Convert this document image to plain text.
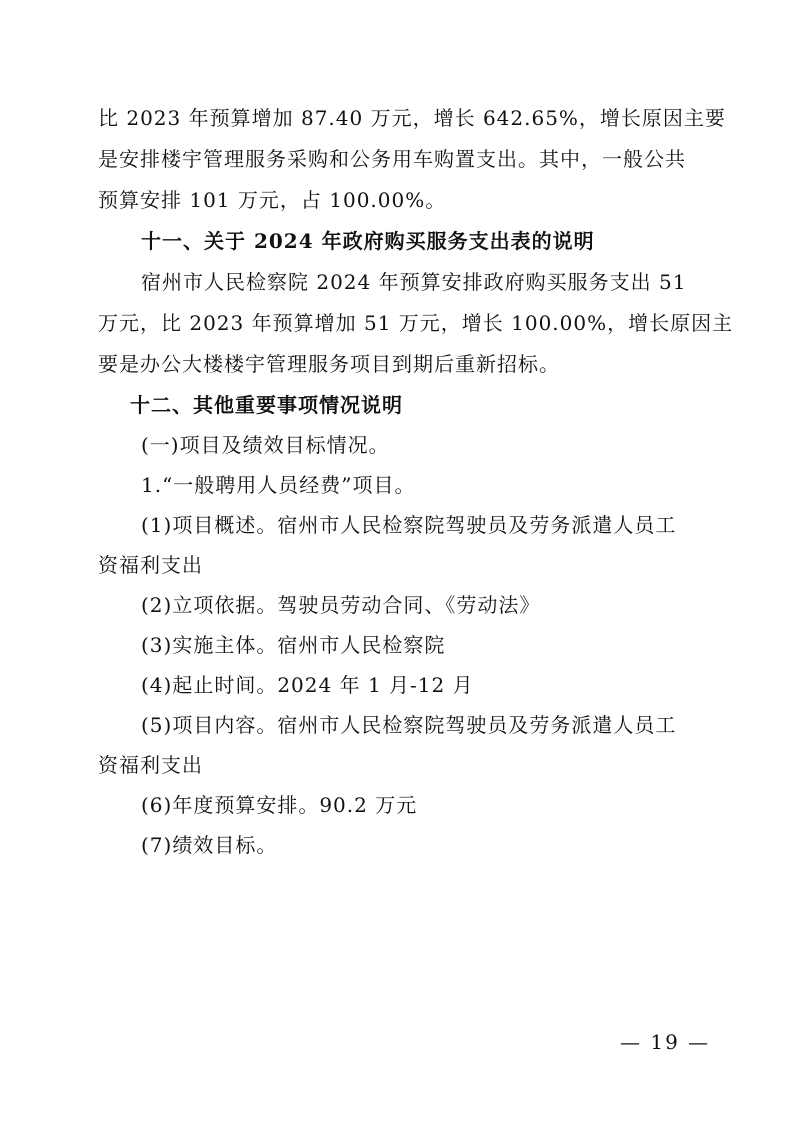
比 2023 年预算增加 87.40 万元，增长 642.65%，增长原因主要
是安排楼宇管理服务采购和公务用车购置支出。其中，一般公共
预算安排 101 万元，占 100.00%。
十一、关于 2024 年政府购买服务支出表的说明
宿州市人民检察院 2024 年预算安排政府购买服务支出 51
万元，比 2023 年预算增加 51 万元，增长 100.00%，增长原因主
要是办公大楼楼宇管理服务项目到期后重新招标。
十二、其他重要事项情况说明
(一)项目及绩效目标情况。
1.“一般聘用人员经费”项目。
(1)项目概述。宿州市人民检察院驾驶员及劳务派遣人员工
资福利支出
(2)立项依据。驾驶员劳动合同、《劳动法》
(3)实施主体。宿州市人民检察院
(4)起止时间。2024 年 1 月-12 月
(5)项目内容。宿州市人民检察院驾驶员及劳务派遣人员工
资福利支出
(6)年度预算安排。90.2 万元
(7)绩效目标。
— 19 —
